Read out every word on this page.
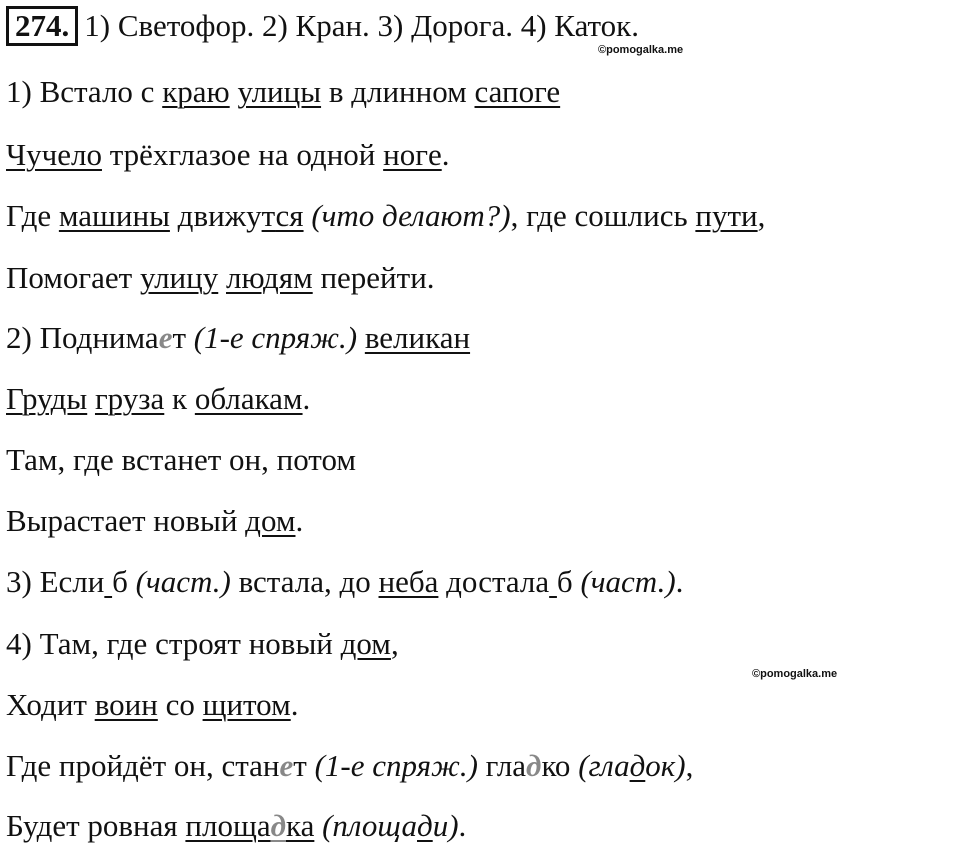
274. 1) Светофор. 2) Кран. 3) Дорога. 4) Каток.
©pomogalka.me
1) Встало с краю улицы в длинном сапоге
Чучело трёхглазое на одной ногe.
Где машины движутся (что делают?), где сошлись пути,
Помогает улицу людям перейти.
2) Поднимает (1-е спряж.) великан
Груды груза к облакам.
Там, где встанет он, потом
Вырастает новый дом.
3) Если б (част.) встала, до неба достала б (част.).
4) Там, где строят новый дом,
©pomogalka.me
Ходит воин со щитом.
Где пройдёт он, станет (1-е спряж.) гладко (гладок),
Будет ровная площадка (площади).
